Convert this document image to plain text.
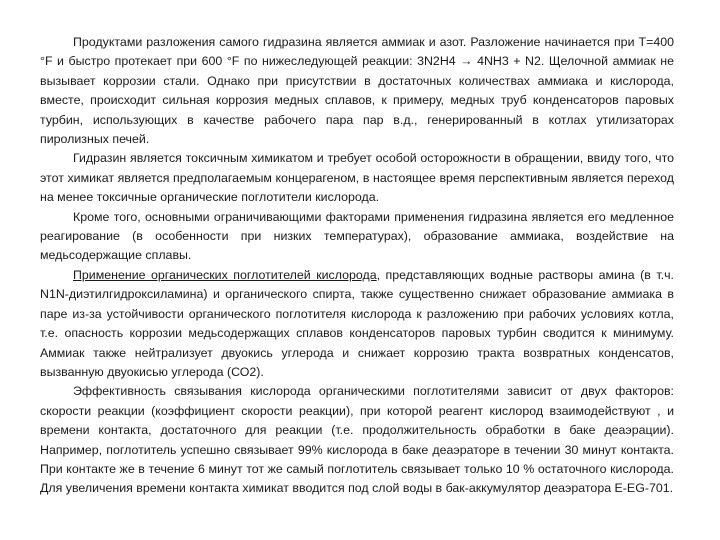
Продуктами разложения самого гидразина является аммиак и азот. Разложение начинается при Т=400 °F и быстро протекает при 600 °F по нижеследующей реакции: 3N2H4 → 4NH3 + N2. Щелочной аммиак не вызывает коррозии стали. Однако при присутствии в достаточных количествах аммиака и кислорода, вместе, происходит сильная коррозия медных сплавов, к примеру, медных труб конденсаторов паровых турбин, использующих в качестве рабочего пара пар в.д., генерированный в котлах утилизаторах пиролизных печей.

Гидразин является токсичным химикатом и требует особой осторожности в обращении, ввиду того, что этот химикат является предполагаемым концерагеном, в настоящее время перспективным является переход на менее токсичные органические поглотители кислорода.

Кроме того, основными ограничивающими факторами применения гидразина является его медленное реагирование (в особенности при низких температурах), образование аммиака, воздействие на медьсодержащие сплавы.

Применение органических поглотителей кислорода, представляющих водные растворы амина (в т.ч. N1N-диэтилгидроксиламина) и органического спирта, также существенно снижает образование аммиака в паре из-за устойчивости органического поглотителя кислорода к разложению при рабочих условиях котла, т.е. опасность коррозии медьсодержащих сплавов конденсаторов паровых турбин сводится к минимуму. Аммиак также нейтрализует двуокись углерода и снижает коррозию тракта возвратных конденсатов, вызванную двуокисью углерода (СО2).

Эффективность связывания кислорода органическими поглотителями зависит от двух факторов: скорости реакции (коэффициент скорости реакции), при которой реагент кислород взаимодействуют , и времени контакта, достаточного для реакции (т.е. продолжительность обработки в баке деаэрации). Например, поглотитель успешно связывает 99% кислорода в баке деаэраторе в течении 30 минут контакта. При контакте же в течение 6 минут тот же самый поглотитель связывает только 10 % остаточного кислорода. Для увеличения времени контакта химикат вводится под слой воды в бак-аккумулятор деаэратора E-EG-701.
